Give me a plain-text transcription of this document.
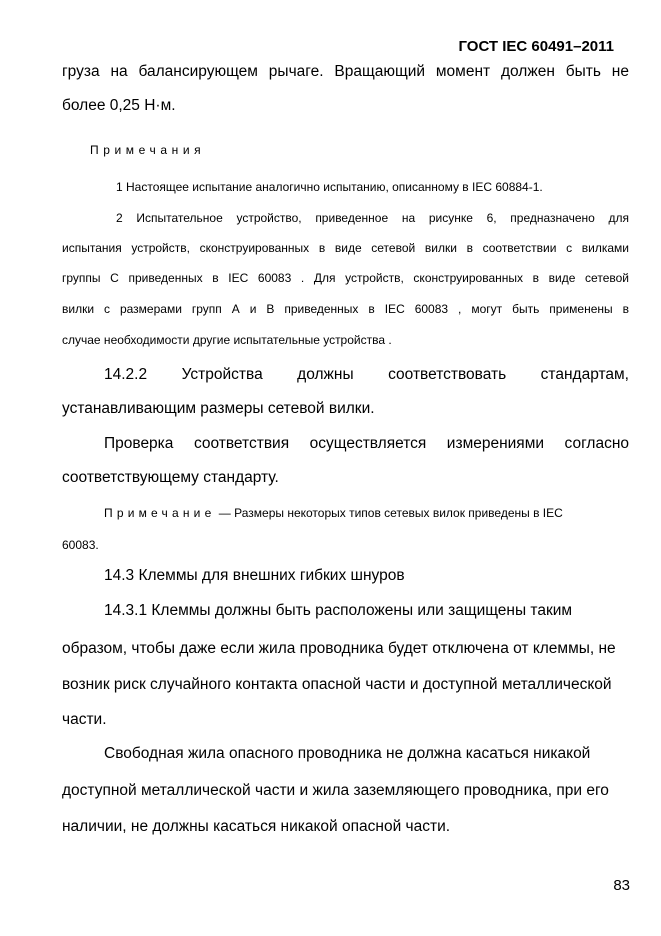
ГОСТ IEC 60491–2011
груза на балансирующем рычаге. Вращающий момент должен быть не
более 0,25 Н·м.
Примечания
1 Настоящее испытание аналогично испытанию, описанному в IEC 60884-1.
2 Испытательное устройство, приведенное на рисунке 6, предназначено для
испытания устройств, сконструированных в виде сетевой вилки в соответствии с вилками
группы С приведенных в IEC 60083 . Для устройств, сконструированных в виде сетевой
вилки с размерами групп А и В приведенных в IEC 60083 , могут быть применены в
случае необходимости другие испытательные устройства .
14.2.2 Устройства должны соответствовать стандартам,
устанавливающим размеры сетевой вилки.
Проверка соответствия осуществляется измерениями согласно
соответствующему стандарту.
Примечание — Размеры некоторых типов сетевых вилок приведены в IEC
60083.
14.3 Клеммы для внешних гибких шнуров
14.3.1 Клеммы должны быть расположены или защищены таким
образом, чтобы даже если жила проводника будет отключена от клеммы, не
возник риск случайного контакта опасной части и доступной металлической
части.
Свободная жила опасного проводника не должна касаться никакой
доступной металлической части и жила заземляющего проводника, при его
наличии, не должны касаться никакой опасной части.
83
